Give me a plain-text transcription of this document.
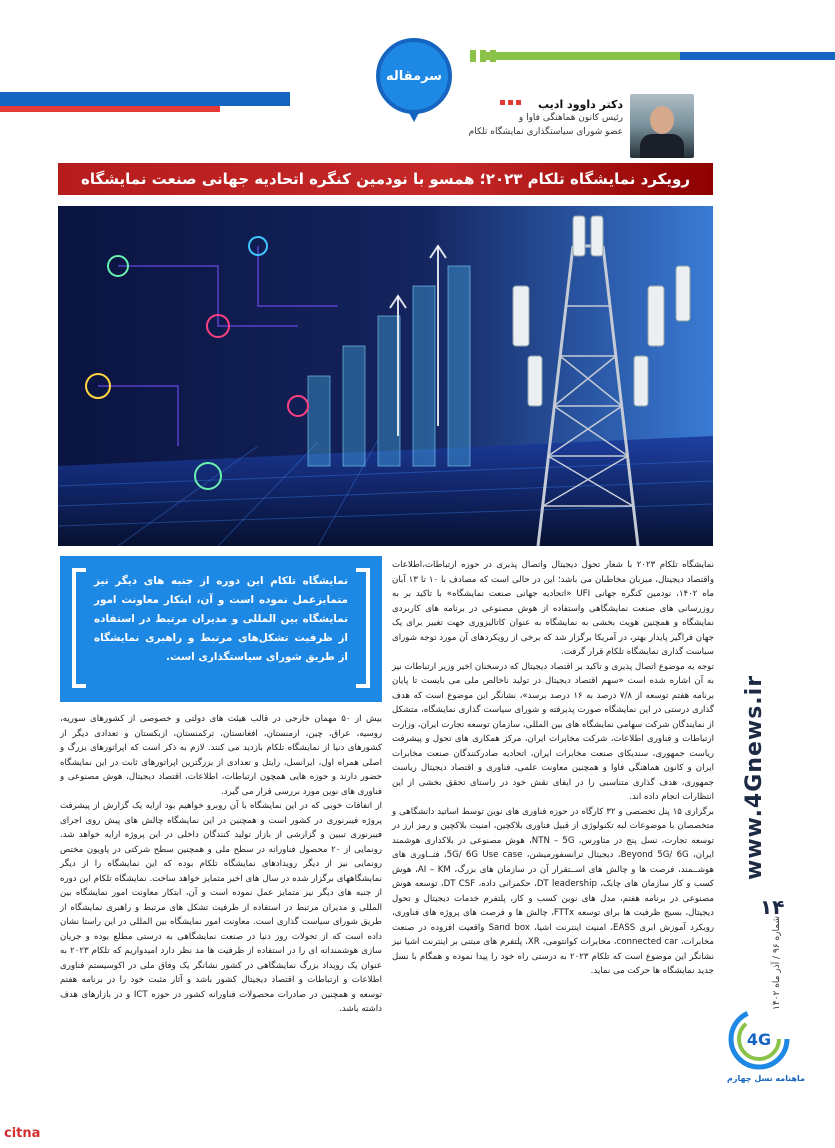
سرمقاله
دکتر داوود ادیب
رئیس کانون هماهنگی فاوا و
عضو شورای سیاستگذاری نمایشگاه تلکام
رویکرد نمایشگاه تلکام ۲۰۲۳؛ همسو با نودمین کنگره اتحادیه جهانی صنعت نمایشگاه
نمایشگاه تلکام این دوره از جنبه های دیگر نیز متمایزعمل نموده است و آن، ابتکار معاونت امور نمایشگاه بین المللی و مدیران مرتبط در استفاده از ظرفیت تشکل‌های مرتبط و راهبری نمایشگاه از طریق شورای سیاستگذاری است.

نمایشگاه تلکام ۲۰۲۳ با شعار تحول دیجیتال واتصال پذیری در حوزه ارتباطات،اطلاعات واقتصاد دیجیتال، میزبان مخاطبان می باشد؛ این در حالی است که مصادف با ۱۰ تا ۱۳ آبان ماه ۱۴۰۲، نودمین کنگره جهانی UFI «اتحادیه جهانی صنعت نمایشگاه» با تاکید بر به روزرسانی های صنعت نمایشگاهی واستفاده از هوش مصنوعی در برنامه های کاربردی نمایشگاه و همچنین هویت بخشی به نمایشگاه به عنوان کاتالیزوری جهت تغییر برای یک جهان فراگیر پایدار بهتر، در آمریکا برگزار شد که برخی از رویکردهای آن مورد توجه شورای سیاست گذاری نمایشگاه تلکام قرار گرفت.

توجه به موضوع اتصال پذیری و تاکید بر اقتصاد دیجیتال که درسخنان اخیر وزیر ارتباطات نیز به آن اشاره شده است «سهم اقتصاد دیجیتال در تولید ناخالص ملی می بایست تا پایان برنامه هفتم توسعه از ۷/۸ درصد به ۱۶ درصد برسد»، نشانگر این موضوع است که هدف گذاری درستی در این نمایشگاه صورت پذیرفته و شورای سیاست گذاری نمایشگاه، متشکل از نمایندگان شرکت سهامی نمایشگاه های بین المللی، سازمان توسعه تجارت ایران، وزارت ارتباطات و فناوری اطلاعات، شرکت مخابرات ایران، مرکز همکاری های تحول و پیشرفت ریاست جمهوری، سندیکای صنعت مخابرات ایران، اتحادیه صادرکنندگان صنعت مخابرات ایران و کانون هماهنگی فاوا و همچنین معاونت علمی، فناوری و اقتصاد دیجیتال ریاست جمهوری، هدف گذاری متناسبی را در ایفای نقش خود در راستای تحقق بخشی از این انتظارات انجام داده اند.

برگزاری ۱۵ پنل تخصصی و ۳۲ کارگاه در حوزه فناوری های نوین توسط اساتید دانشگاهی و متخصصان با موضوعات لبه تکنولوژی از قبیل فناوری بلاکچین، امنیت بلاکچین و رمز ارز در توسعه تجارت، نسل پنج در متاورس، NTN – 5G، هوش مصنوعی در بلاکداری هوشمند ایران، Beyond 5G/ 6G، دیجیتال ترانسفورمیشن، 5G/ 6G Use case، فنــاوری های هوشــمند، فرصت ها و چالش های اســتقرار آن در سازمان های بزرگ، AI – KM، هوش کسب و کار سازمان های چابک، DT leadership، حکمرانی داده، DT CSF، توسعه هوش مصنوعی در برنامه هفتم، مدل های نوین کسب و کار، پلتفرم خدمات دیجیتال و تحول دیجیتال، بسیج ظرفیت ها برای توسعه FTTx، چالش ها و فرصت های پروژه های فناوری، رویکرد آموزش ابری EASS، امنیت اینترنت اشیا، Sand box واقعیت افزوده در صنعت مخابرات، connected car، مخابرات کوانتومی، XR، پلتفرم های مبتنی بر اینترنت اشیا نیز نشانگر این موضوع است که تلکام ۲۰۲۳ به درستی راه خود را پیدا نموده و همگام با نسل جدید نمایشگاه ها حرکت می نماید.

بیش از ۵۰ مهمان خارجی در قالب هیئت های دولتی و خصوصی از کشورهای سوریه، روسیه، عراق، چین، ارمنستان، افغانستان، ترکمنستان، ازبکستان و تعدادی دیگر از کشورهای دنیا از نمایشگاه تلکام بازدید می کنند. لازم به ذکر است که اپراتورهای بزرگ و اصلی همراه اول، ایرانسل، رایتل و تعدادی از بزرگترین اپراتورهای ثابت در این نمایشگاه حضور دارند و حوزه هایی همچون ارتباطات، اطلاعات، اقتصاد دیجیتال، هوش مصنوعی و فناوری های نوین مورد بررسی قرار می گیرد.

از اتفاقات خوبی که در این نمایشگاه با آن روبرو خواهیم بود ارایه یک گزارش از پیشرفت پروژه فیبرنوری در کشور است و همچنین در این نمایشگاه چالش های پیش روی اجرای فیبرنوری تبیین و گزارشی از بازار تولید کنندگان داخلی در این پروژه ارایه خواهد شد. رونمایی از ۲۰ محصول فناورانه در سطح ملی و همچنین سطح شرکتی در پاویون مختص رونمایی نیز از دیگر رویدادهای نمایشگاه تلکام بوده که این نمایشگاه را از دیگر نمایشگاههای برگزار شده در سال های اخیر متمایز خواهد ساخت. نمایشگاه تلکام این دوره از جنبه های دیگر نیز متمایز عمل نموده است و آن، ابتکار معاونت امور نمایشگاه بین المللی و مدیران مرتبط در استفاده از ظرفیت تشکل های مرتبط و راهبری نمایشگاه از طریق شورای سیاست گذاری است. معاونت امور نمایشگاه بین المللی در این راستا نشان داده است که از تحولات روز دنیا در صنعت نمایشگاهی به درستی مطلع بوده و جریان سازی هوشمندانه ای را در استفاده از ظرفیت ها مد نظر دارد امیدواریم که تلکام ۲۰۲۳ به عنوان یک رویداد بزرگ نمایشگاهی در کشور نشانگر یک وفاق ملی در اکوسیستم فناوری اطلاعات و ارتباطات و اقتصاد دیجیتال کشور باشد و آثار مثبت خود را در برنامه هفتم توسعه و همچنین در صادرات محصولات فناورانه کشور در حوزه ICT و در بازارهای هدف داشته باشد.

www.4Gnews.ir
۱۴
شماره ۹۶ / آذر ماه ۱۴۰۲
4G
ماهنامه نسل چهارم
citna
